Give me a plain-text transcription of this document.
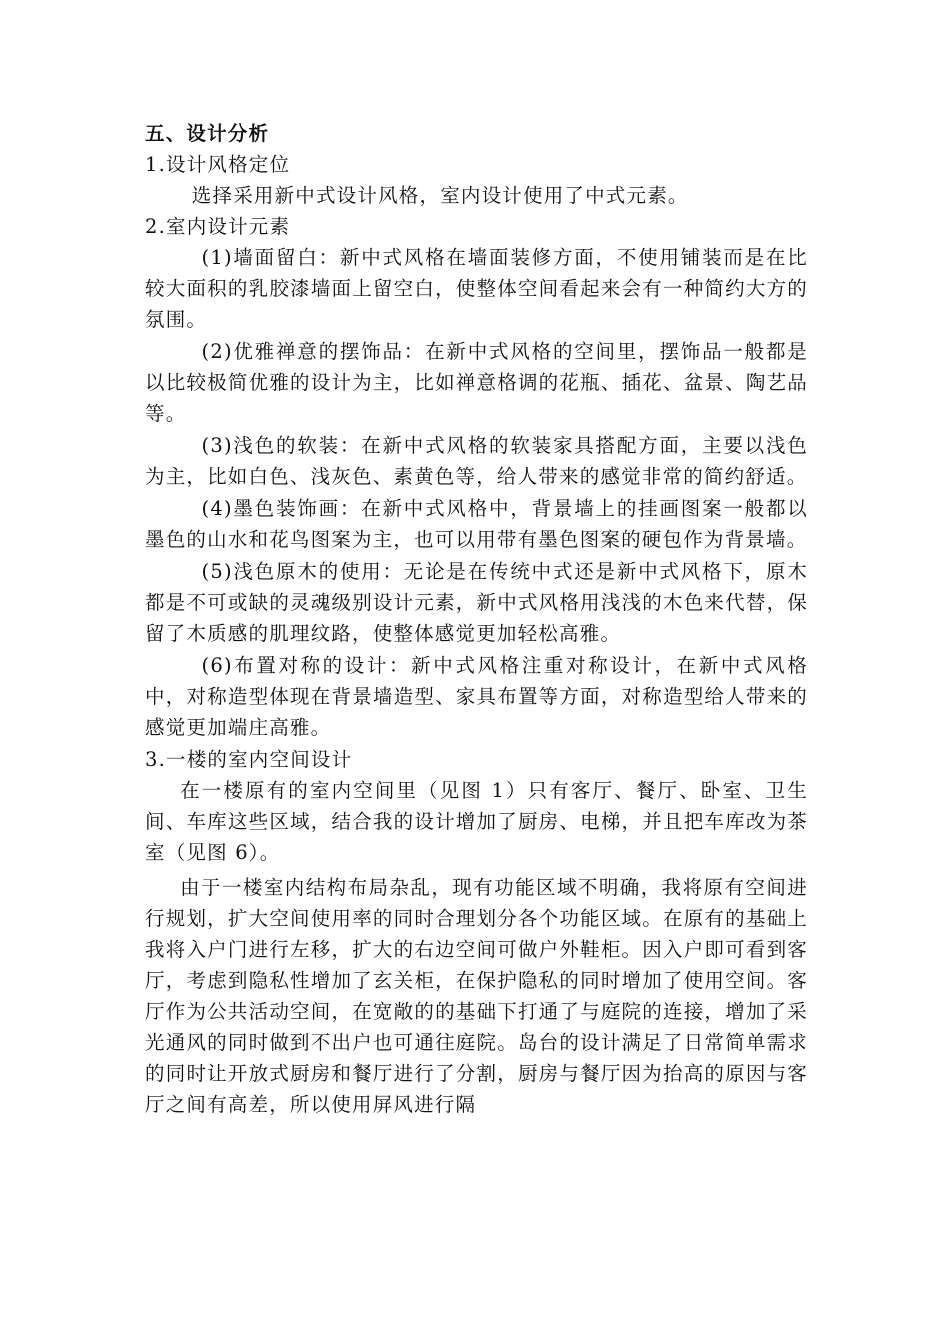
五、设计分析

1.设计风格定位

选择采用新中式设计风格，室内设计使用了中式元素。

2.室内设计元素

(1)墙面留白：新中式风格在墙面装修方面，不使用铺装而是在比较大面积的乳胶漆墙面上留空白，使整体空间看起来会有一种简约大方的氛围。

(2)优雅禅意的摆饰品：在新中式风格的空间里，摆饰品一般都是以比较极简优雅的设计为主，比如禅意格调的花瓶、插花、盆景、陶艺品等。

(3)浅色的软装：在新中式风格的软装家具搭配方面，主要以浅色为主，比如白色、浅灰色、素黄色等，给人带来的感觉非常的简约舒适。

(4)墨色装饰画：在新中式风格中，背景墙上的挂画图案一般都以墨色的山水和花鸟图案为主，也可以用带有墨色图案的硬包作为背景墙。

(5)浅色原木的使用：无论是在传统中式还是新中式风格下，原木都是不可或缺的灵魂级别设计元素，新中式风格用浅浅的木色来代替，保留了木质感的肌理纹路，使整体感觉更加轻松高雅。

(6)布置对称的设计：新中式风格注重对称设计，在新中式风格中，对称造型体现在背景墙造型、家具布置等方面，对称造型给人带来的感觉更加端庄高雅。

3.一楼的室内空间设计

在一楼原有的室内空间里（见图 1）只有客厅、餐厅、卧室、卫生间、车库这些区域，结合我的设计增加了厨房、电梯，并且把车库改为茶室（见图 6）。

由于一楼室内结构布局杂乱，现有功能区域不明确，我将原有空间进行规划，扩大空间使用率的同时合理划分各个功能区域。在原有的基础上我将入户门进行左移，扩大的右边空间可做户外鞋柜。因入户即可看到客厅，考虑到隐私性增加了玄关柜，在保护隐私的同时增加了使用空间。客厅作为公共活动空间，在宽敞的的基础下打通了与庭院的连接，增加了采光通风的同时做到不出户也可通往庭院。岛台的设计满足了日常简单需求的同时让开放式厨房和餐厅进行了分割，厨房与餐厅因为抬高的原因与客厅之间有高差，所以使用屏风进行隔
